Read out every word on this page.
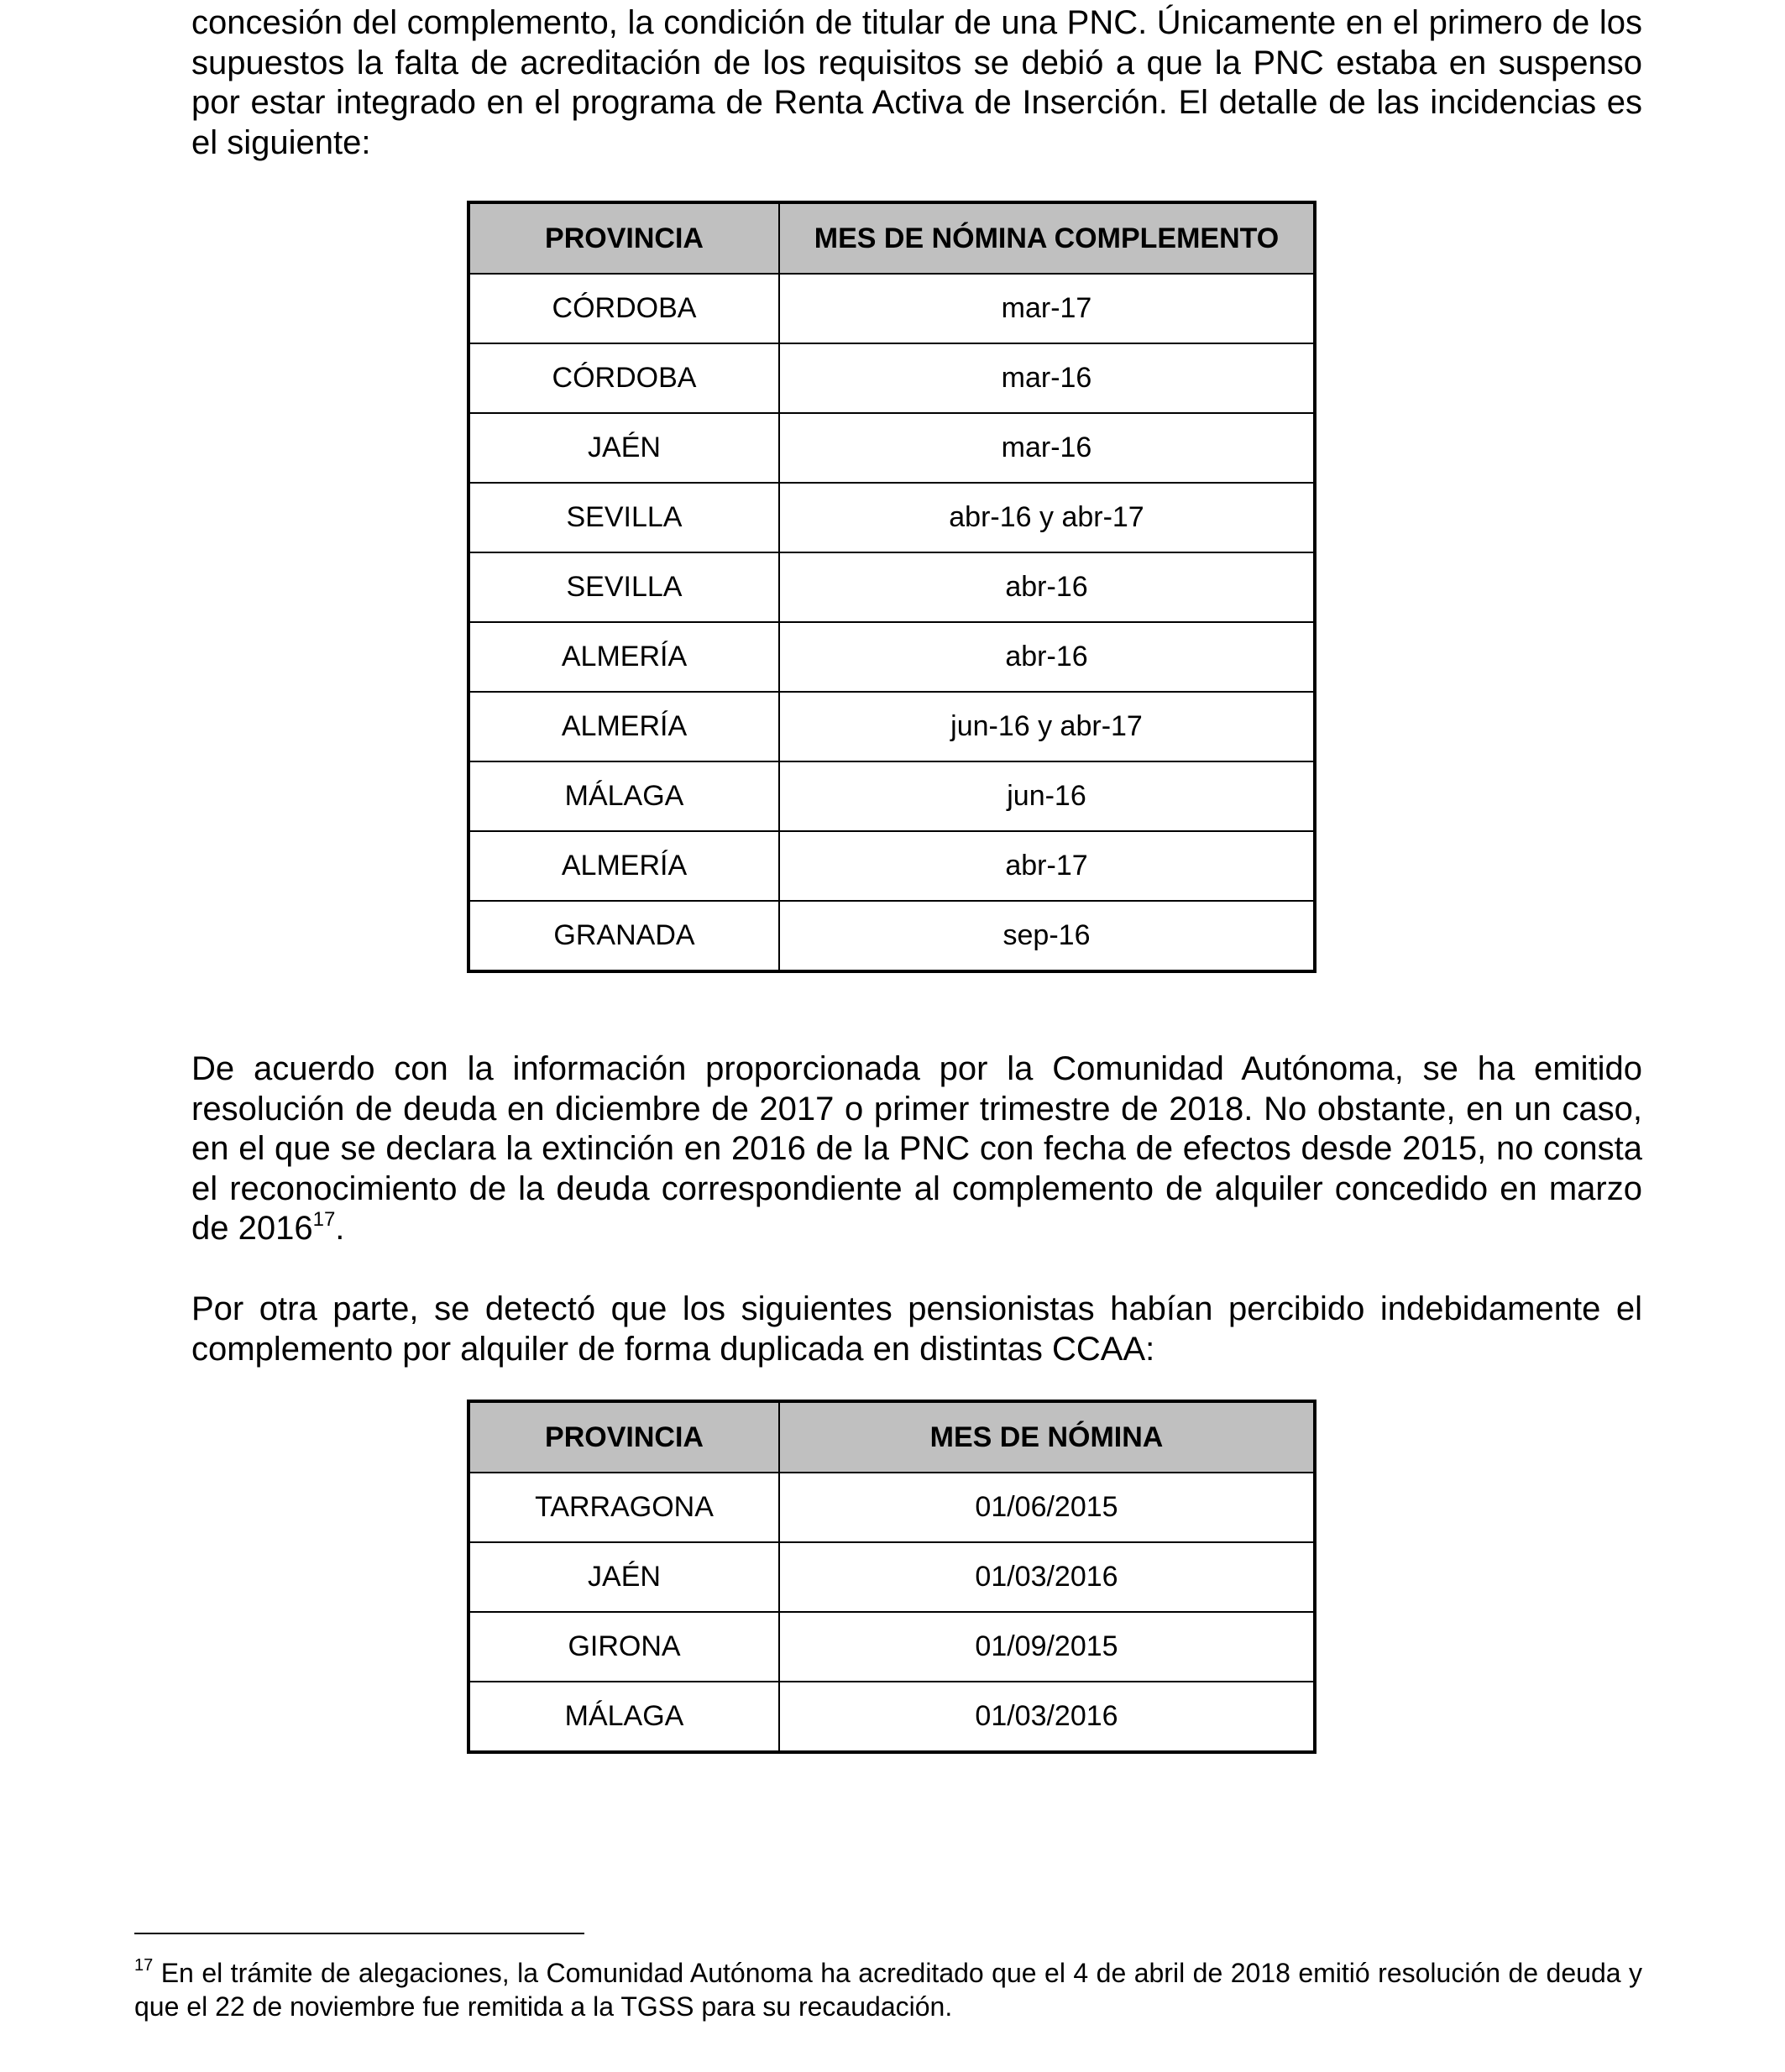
concesión del complemento, la condición de titular de una PNC. Únicamente en el primero de los supuestos la falta de acreditación de los requisitos se debió a que la PNC estaba en suspenso por estar integrado en el programa de Renta Activa de Inserción. El detalle de las incidencias es el siguiente:

PROVINCIA	MES DE NÓMINA COMPLEMENTO
CÓRDOBA	mar-17
CÓRDOBA	mar-16
JAÉN	mar-16
SEVILLA	abr-16 y abr-17
SEVILLA	abr-16
ALMERÍA	abr-16
ALMERÍA	jun-16 y abr-17
MÁLAGA	jun-16
ALMERÍA	abr-17
GRANADA	sep-16

De acuerdo con la información proporcionada por la Comunidad Autónoma, se ha emitido resolución de deuda en diciembre de 2017 o primer trimestre de 2018. No obstante, en un caso, en el que se declara la extinción en 2016 de la PNC con fecha de efectos desde 2015, no consta el reconocimiento de la deuda correspondiente al complemento de alquiler concedido en marzo de 2016$^{17}$.

Por otra parte, se detectó que los siguientes pensionistas habían percibido indebidamente el complemento por alquiler de forma duplicada en distintas CCAA:

PROVINCIA	MES DE NÓMINA
TARRAGONA	01/06/2015
JAÉN	01/03/2016
GIRONA	01/09/2015
MÁLAGA	01/03/2016

$^{17}$ En el trámite de alegaciones, la Comunidad Autónoma ha acreditado que el 4 de abril de 2018 emitió resolución de deuda y que el 22 de noviembre fue remitida a la TGSS para su recaudación.
